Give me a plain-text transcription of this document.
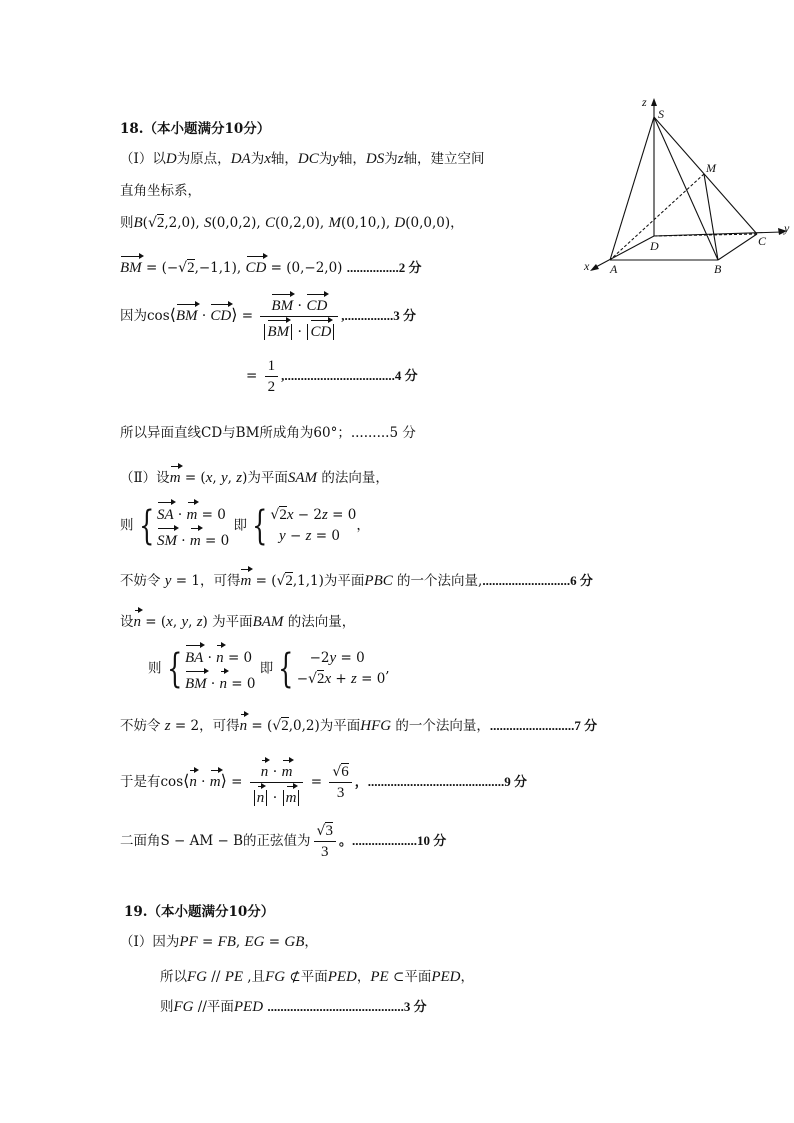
18.（本小题满分10分）
（Ⅰ）以D为原点，DA为x轴，DC为y轴，DS为z轴，建立空间
直角坐标系，
则B(√2,2,0), S(0,0,2), C(0,2,0), M(0,10,), D(0,0,0)，
BM = (−√2,−1,1), CD = (0,−2,0) ................2 分
因为cos⟨BM · CD⟩ = $\frac{BM \cdot CD}{BM \cdot CD} ,...............3$ 分
= $\frac{1}{2} ,..................................4$ 分
所以异面直线CD与BM所成角为60°；.........5 分
（Ⅱ）设m = (x, y, z)为平面SAM 的法向量，
则 { SA · m = 0
SM · m = 0
即 { √2x − 2z = 0
y − z = 0
，
不妨令 y = 1，可得m = (√2,1,1)为平面PBC 的一个法向量,...........................6 分
设n = (x, y, z) 为平面BAM 的法向量，
则 { BA · n = 0
BM · n = 0
即 { −2y = 0
−√2x + z = 0
,
不妨令 z = 2，可得n = (√2,0,2)为平面HFG 的一个法向量，..........................7 分
于是有cos⟨n · m⟩ = $\frac{n \cdot m}{n \cdot m} = \frac{√6}{3}$ ，..........................................9 分
二面角S − AM − B的正弦值为 $\frac{√3}{3}$ 。....................10 分
19.（本小题满分10分）
（Ⅰ）因为PF = FB, EG = GB，
所以FG // PE ,且FG ⊄平面PED，PE ⊂平面PED，
则FG //平面PED ..........................................3 分
z
S
M
D	C
y
x A	B
